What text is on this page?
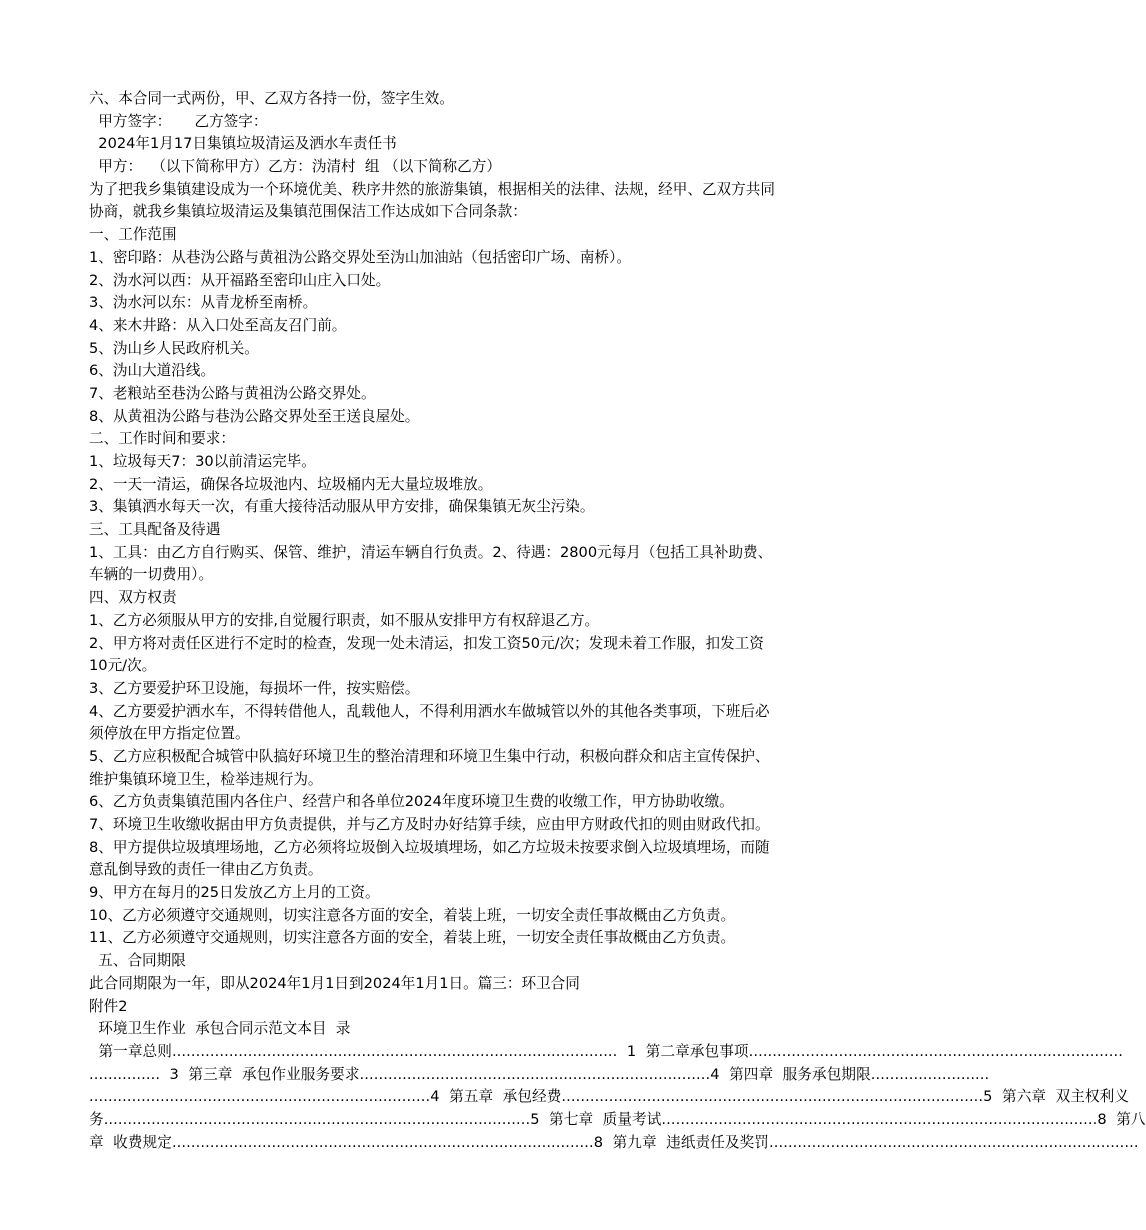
六、本合同一式两份，甲、乙双方各持一份，签字生效。
甲方签字：     乙方签字：
2024年1月17日集镇垃圾清运及洒水车责任书
甲方：  （以下简称甲方）乙方：沩清村  组 （以下简称乙方）
为了把我乡集镇建设成为一个环境优美、秩序井然的旅游集镇，根据相关的法律、法规，经甲、乙双方共同
协商，就我乡集镇垃圾清运及集镇范围保洁工作达成如下合同条款：
一、工作范围
1、密印路：从巷沩公路与黄祖沩公路交界处至沩山加油站（包括密印广场、南桥）。
2、沩水河以西：从开福路至密印山庄入口处。
3、沩水河以东：从青龙桥至南桥。
4、来木井路：从入口处至高友召门前。
5、沩山乡人民政府机关。
6、沩山大道沿线。
7、老粮站至巷沩公路与黄祖沩公路交界处。
8、从黄祖沩公路与巷沩公路交界处至王送良屋处。
二、工作时间和要求：
1、垃圾每天7：30以前清运完毕。
2、一天一清运，确保各垃圾池内、垃圾桶内无大量垃圾堆放。
3、集镇洒水每天一次，有重大接待活动服从甲方安排，确保集镇无灰尘污染。
三、工具配备及待遇
1、工具：由乙方自行购买、保管、维护，清运车辆自行负责。2、待遇：2800元每月（包括工具补助费、
车辆的一切费用）。
四、双方权责
1、乙方必须服从甲方的安排,自觉履行职责，如不服从安排甲方有权辞退乙方。
2、甲方将对责任区进行不定时的检查，发现一处未清运，扣发工资50元/次；发现未着工作服，扣发工资
10元/次。
3、乙方要爱护环卫设施，每损坏一件，按实赔偿。
4、乙方要爱护洒水车，不得转借他人，乱载他人，不得利用洒水车做城管以外的其他各类事项，下班后必
须停放在甲方指定位置。
5、乙方应积极配合城管中队搞好环境卫生的整治清理和环境卫生集中行动，积极向群众和店主宣传保护、
维护集镇环境卫生，检举违规行为。
6、乙方负责集镇范围内各住户、经营户和各单位2024年度环境卫生费的收缴工作，甲方协助收缴。
7、环境卫生收缴收据由甲方负责提供，并与乙方及时办好结算手续，应由甲方财政代扣的则由财政代扣。
8、甲方提供垃圾填埋场地，乙方必须将垃圾倒入垃圾填埋场，如乙方垃圾未按要求倒入垃圾填埋场，而随
意乱倒导致的责任一律由乙方负责。
9、甲方在每月的25日发放乙方上月的工资。
10、乙方必须遵守交通规则，切实注意各方面的安全，着装上班，一切安全责任事故概由乙方负责。
11、乙方必须遵守交通规则，切实注意各方面的安全，着装上班，一切安全责任事故概由乙方负责。
五、合同期限
此合同期限为一年，即从2024年1月1日到2024年1月1日。篇三：环卫合同
附件2
环境卫生作业  承包合同示范文本目  录
第一章总则..............................................................................................  1  第二章承包事项...............................................................................
...............  3  第三章  承包作业服务要求..........................................................................4  第四章  服务承包期限.........................
........................................................................4  第五章  承包经费.........................................................................................5  第六章  双主权利义
务..........................................................................................5  第七章  质量考试............................................................................................8  第八
章  收费规定.........................................................................................8  第九章  违纸责任及奖罚..............................................................................
